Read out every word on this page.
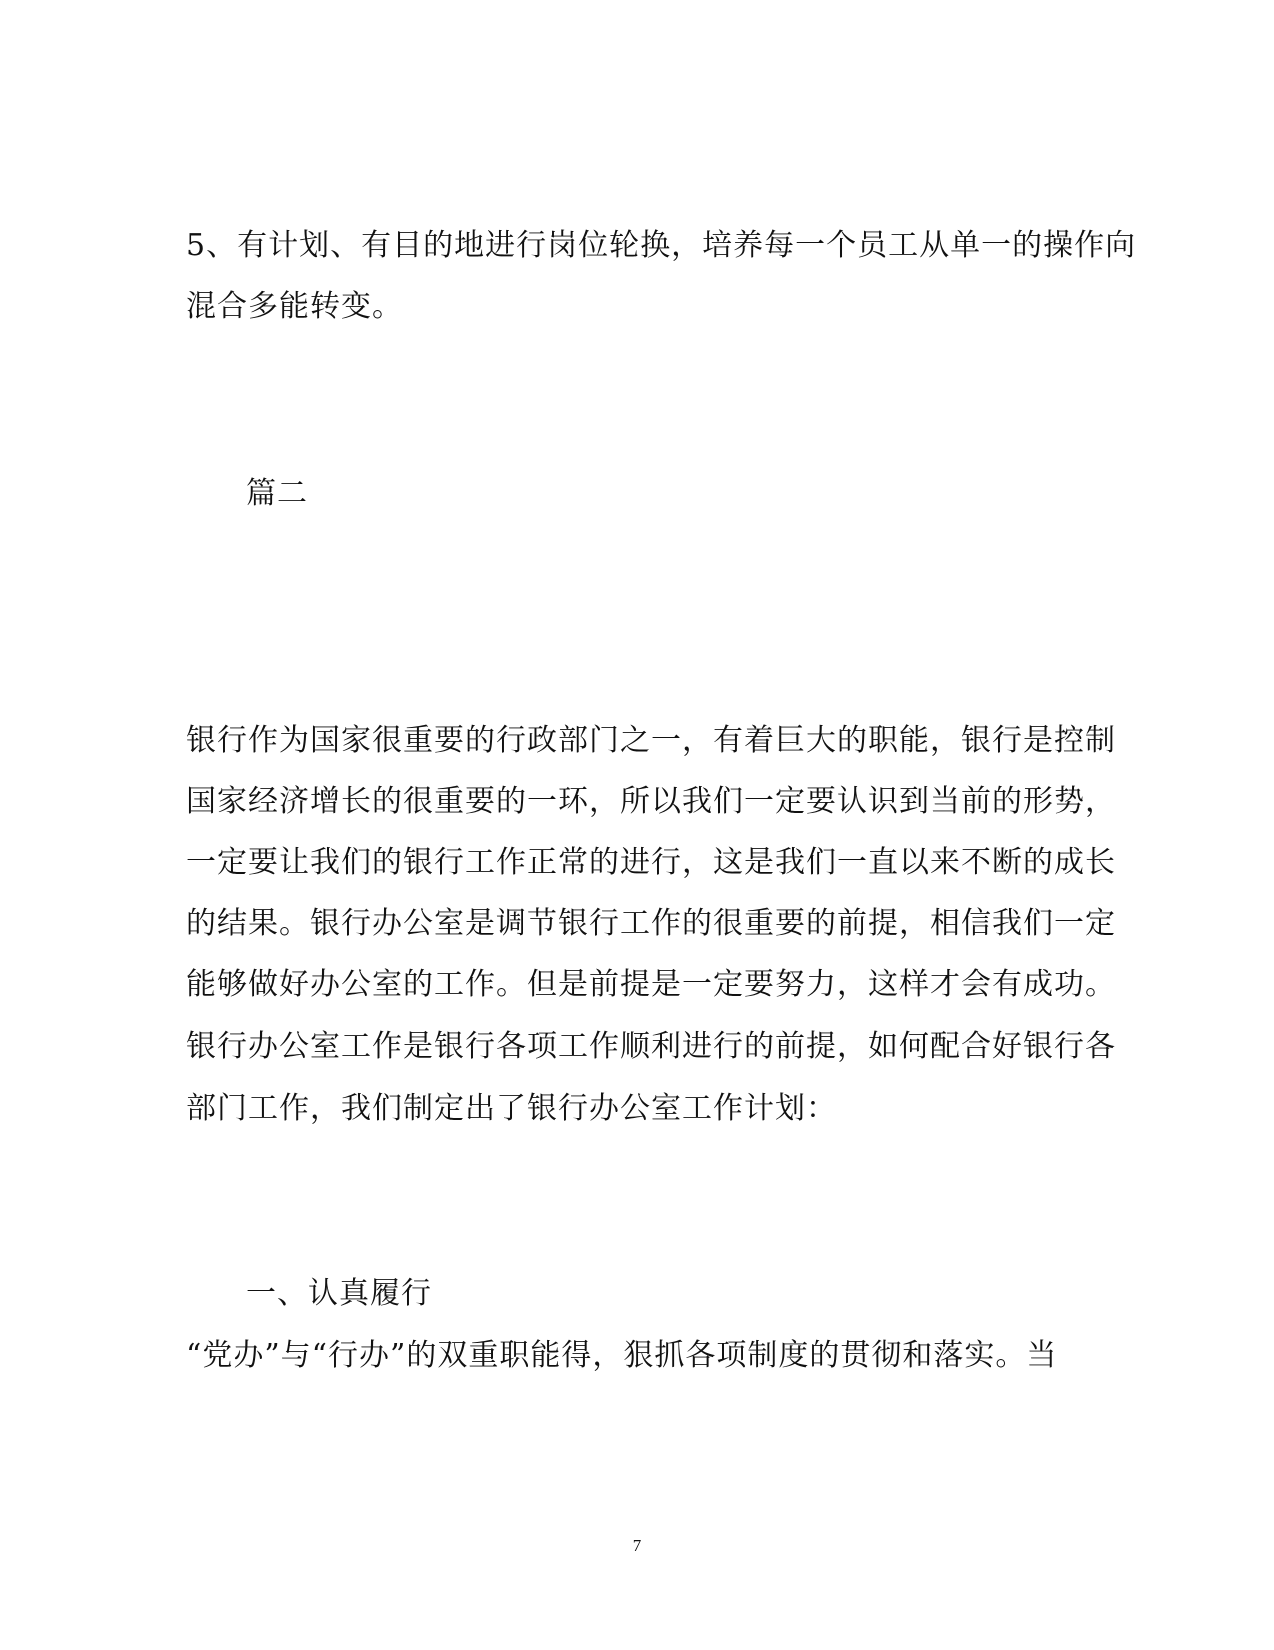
5、有计划、有目的地进行岗位轮换，培养每一个员工从单一的操作向
混合多能转变。
篇二
银行作为国家很重要的行政部门之一，有着巨大的职能，银行是控制
国家经济增长的很重要的一环，所以我们一定要认识到当前的形势，
一定要让我们的银行工作正常的进行，这是我们一直以来不断的成长
的结果。银行办公室是调节银行工作的很重要的前提，相信我们一定
能够做好办公室的工作。但是前提是一定要努力，这样才会有成功。
银行办公室工作是银行各项工作顺利进行的前提，如何配合好银行各
部门工作，我们制定出了银行办公室工作计划：
一、认真履行
“党办”与“行办”的双重职能得，狠抓各项制度的贯彻和落实。当
7
